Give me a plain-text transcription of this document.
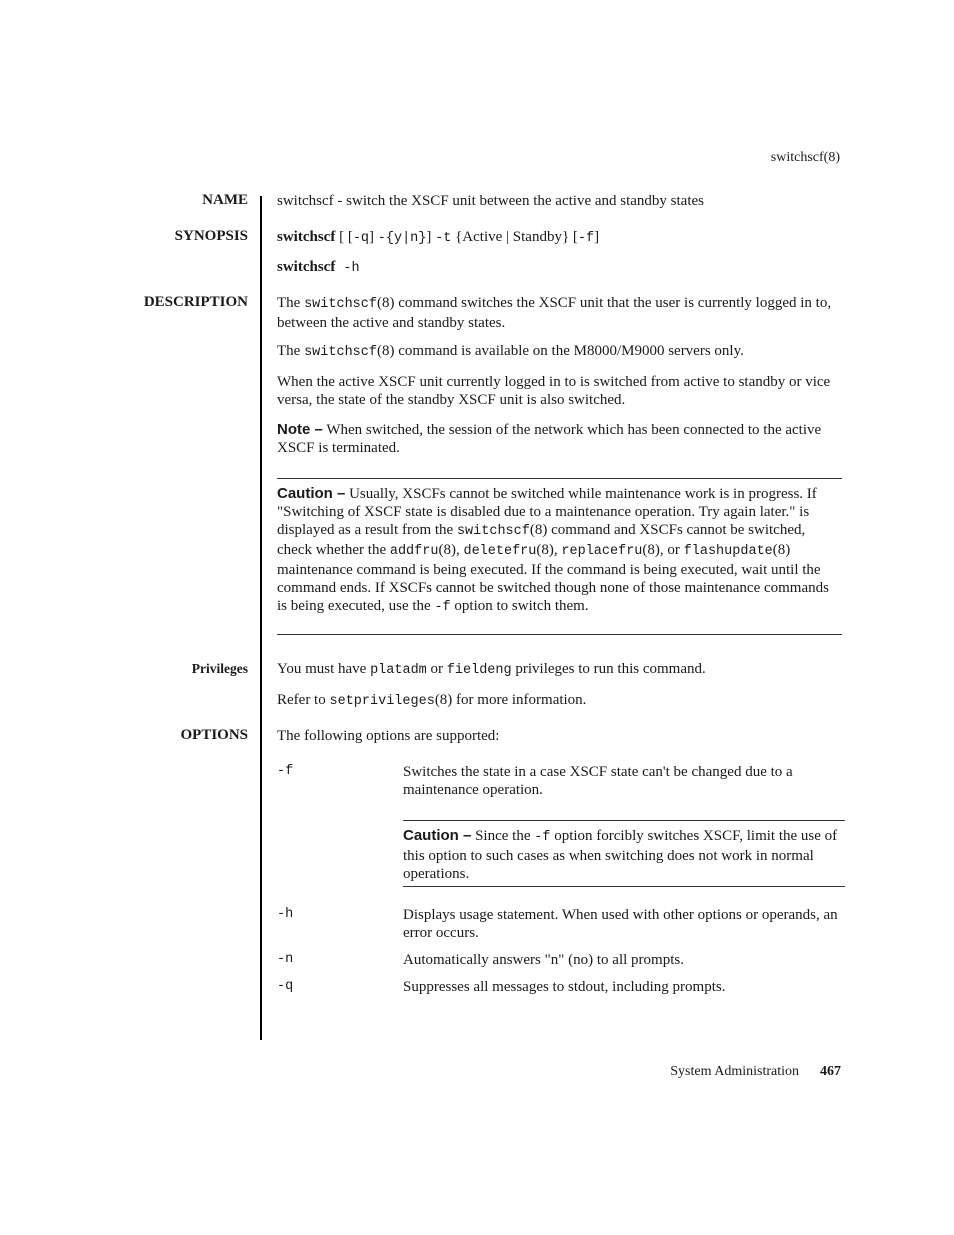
switchscf(8)
NAME switchscf - switch the XSCF unit between the active and standby states
SYNOPSIS switchscf [ [-q] -{y|n}] -t {Active | Standby} [-f]
switchscf -h
DESCRIPTION The switchscf(8) command switches the XSCF unit that the user is currently logged in to, between the active and standby states.
The switchscf(8) command is available on the M8000/M9000 servers only.
When the active XSCF unit currently logged in to is switched from active to standby or vice versa, the state of the standby XSCF unit is also switched.
Note – When switched, the session of the network which has been connected to the active XSCF is terminated.
Caution – Usually, XSCFs cannot be switched while maintenance work is in progress. If "Switching of XSCF state is disabled due to a maintenance operation. Try again later." is displayed as a result from the switchscf(8) command and XSCFs cannot be switched, check whether the addfru(8), deletefru(8), replacefru(8), or flashupdate(8) maintenance command is being executed. If the command is being executed, wait until the command ends. If XSCFs cannot be switched though none of those maintenance commands is being executed, use the -f option to switch them.
Privileges You must have platadm or fieldeng privileges to run this command.
Refer to setprivileges(8) for more information.
OPTIONS The following options are supported:
-f	Switches the state in a case XSCF state can't be changed due to a maintenance operation.
Caution – Since the -f option forcibly switches XSCF, limit the use of this option to such cases as when switching does not work in normal operations.
-h	Displays usage statement. When used with other options or operands, an error occurs.
-n	Automatically answers "n" (no) to all prompts.
-q	Suppresses all messages to stdout, including prompts.
System Administration 467
